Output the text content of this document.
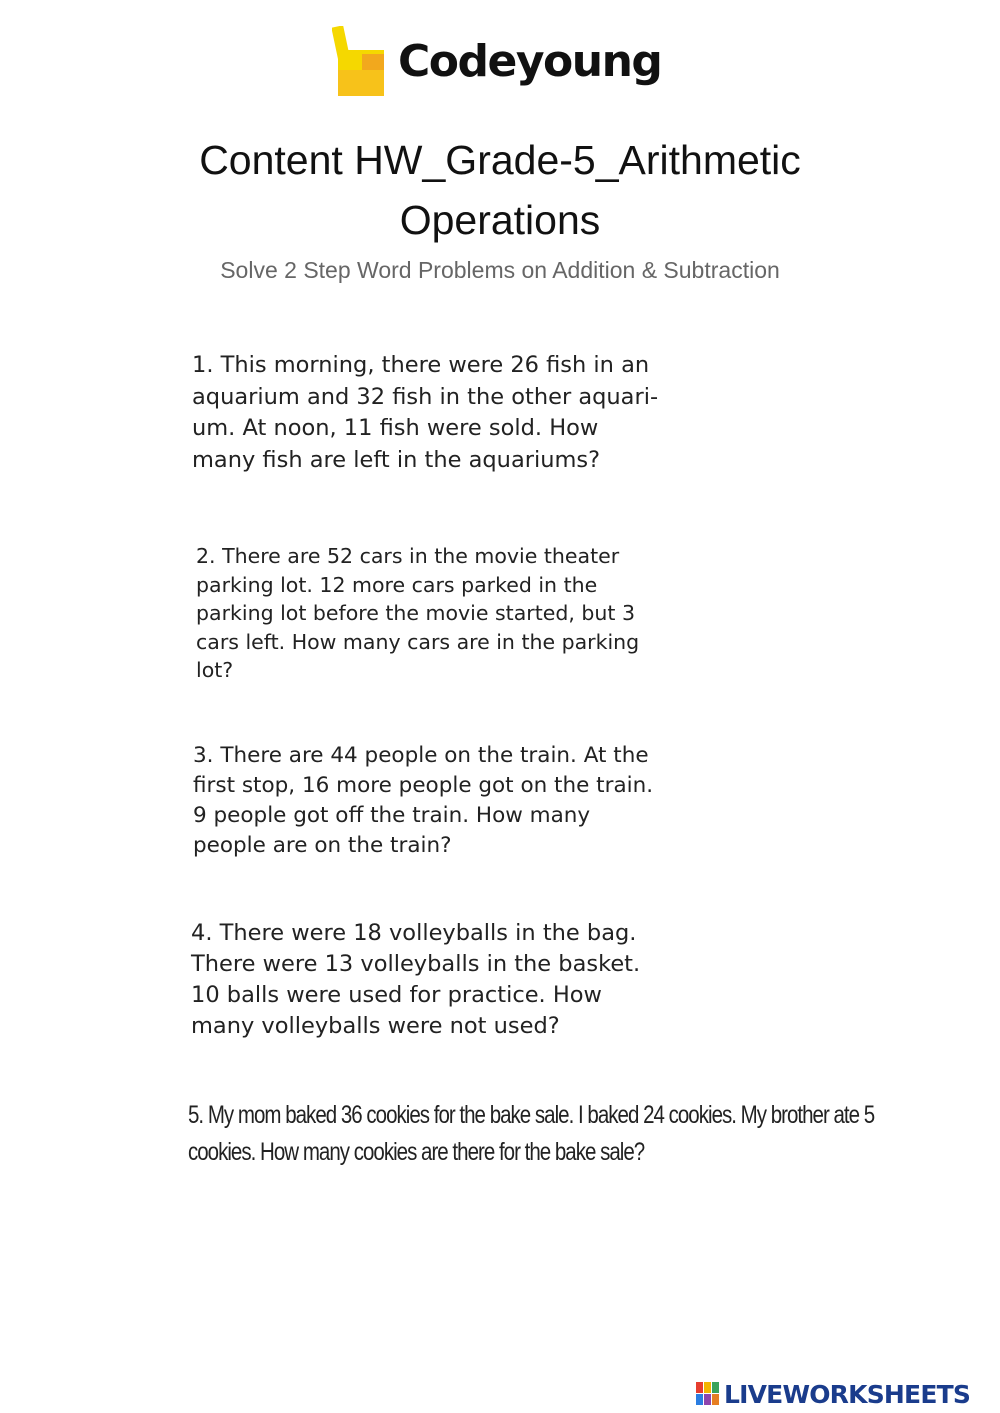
Codeyoung
Content HW_Grade-5_Arithmetic
Operations
Solve 2 Step Word Problems on Addition & Subtraction
1. This morning, there were 26 fish in an
aquarium and 32 fish in the other aquari-
um. At noon, 11 fish were sold. How
many fish are left in the aquariums?
2. There are 52 cars in the movie theater
parking lot. 12 more cars parked in the
parking lot before the movie started, but 3
cars left. How many cars are in the parking
lot?
3. There are 44 people on the train. At the
first stop, 16 more people got on the train.
9 people got off the train. How many
people are on the train?
4. There were 18 volleyballs in the bag.
There were 13 volleyballs in the basket.
10 balls were used for practice. How
many volleyballs were not used?
5. My mom baked 36 cookies for the bake sale. I baked 24 cookies. My brother ate 5
cookies. How many cookies are there for the bake sale?
LIVEWORKSHEETS
